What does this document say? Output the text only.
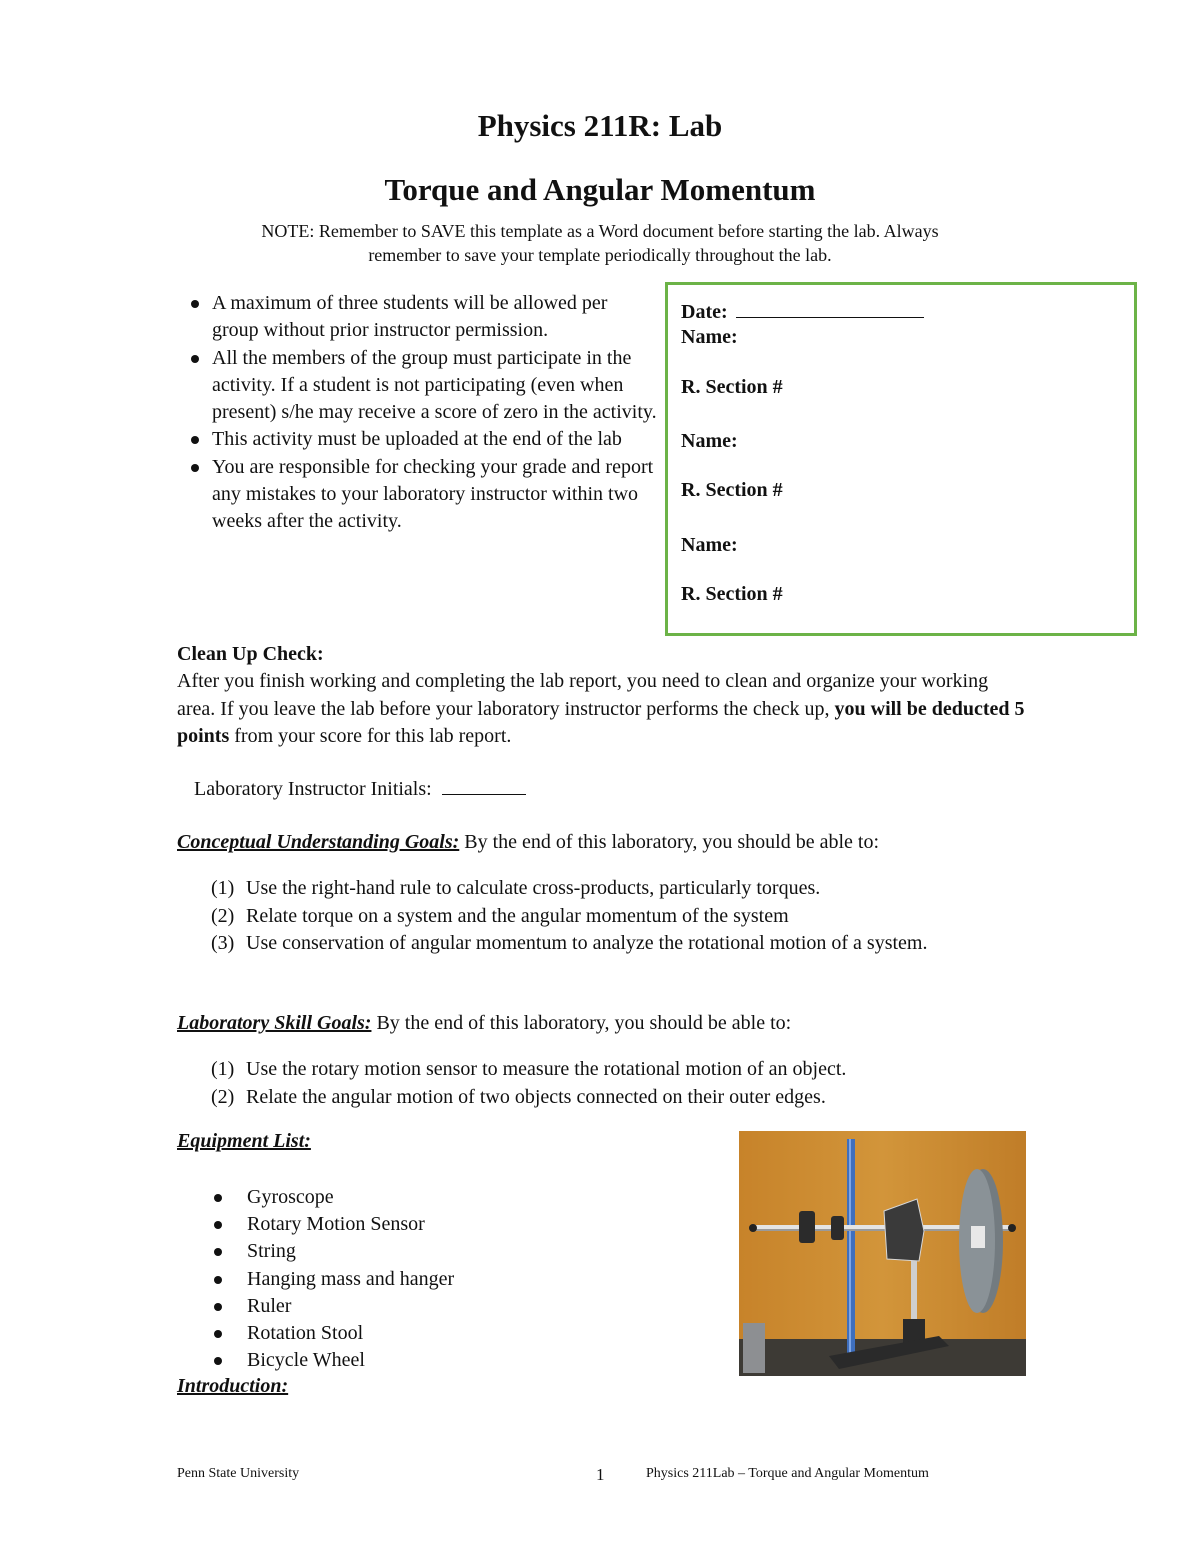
Physics 211R: Lab
Torque and Angular Momentum
NOTE: Remember to SAVE this template as a Word document before starting the lab. Always
remember to save your template periodically throughout the lab.
A maximum of three students will be allowed per group without prior instructor permission.
All the members of the group must participate in the activity. If a student is not participating (even when present) s/he may receive a score of zero in the activity.
This activity must be uploaded at the end of the lab
You are responsible for checking your grade and report any mistakes to your laboratory instructor within two weeks after the activity.
Date:
Name:
R. Section #
Name:
R. Section #
Name:
R. Section #
Clean Up Check:
After you finish working and completing the lab report, you need to clean and organize your working area. If you leave the lab before your laboratory instructor performs the check up, you will be deducted 5 points from your score for this lab report.
Laboratory Instructor Initials:
Conceptual Understanding Goals: By the end of this laboratory, you should be able to:
(1) Use the right-hand rule to calculate cross-products, particularly torques.
(2) Relate torque on a system and the angular momentum of the system
(3) Use conservation of angular momentum to analyze the rotational motion of a system.
Laboratory Skill Goals: By the end of this laboratory, you should be able to:
(1) Use the rotary motion sensor to measure the rotational motion of an object.
(2) Relate the angular motion of two objects connected on their outer edges.
Equipment List:
Gyroscope
Rotary Motion Sensor
String
Hanging mass and hanger
Ruler
Rotation Stool
Bicycle Wheel
Introduction:
Penn State University	1	Physics 211Lab – Torque and Angular Momentum
